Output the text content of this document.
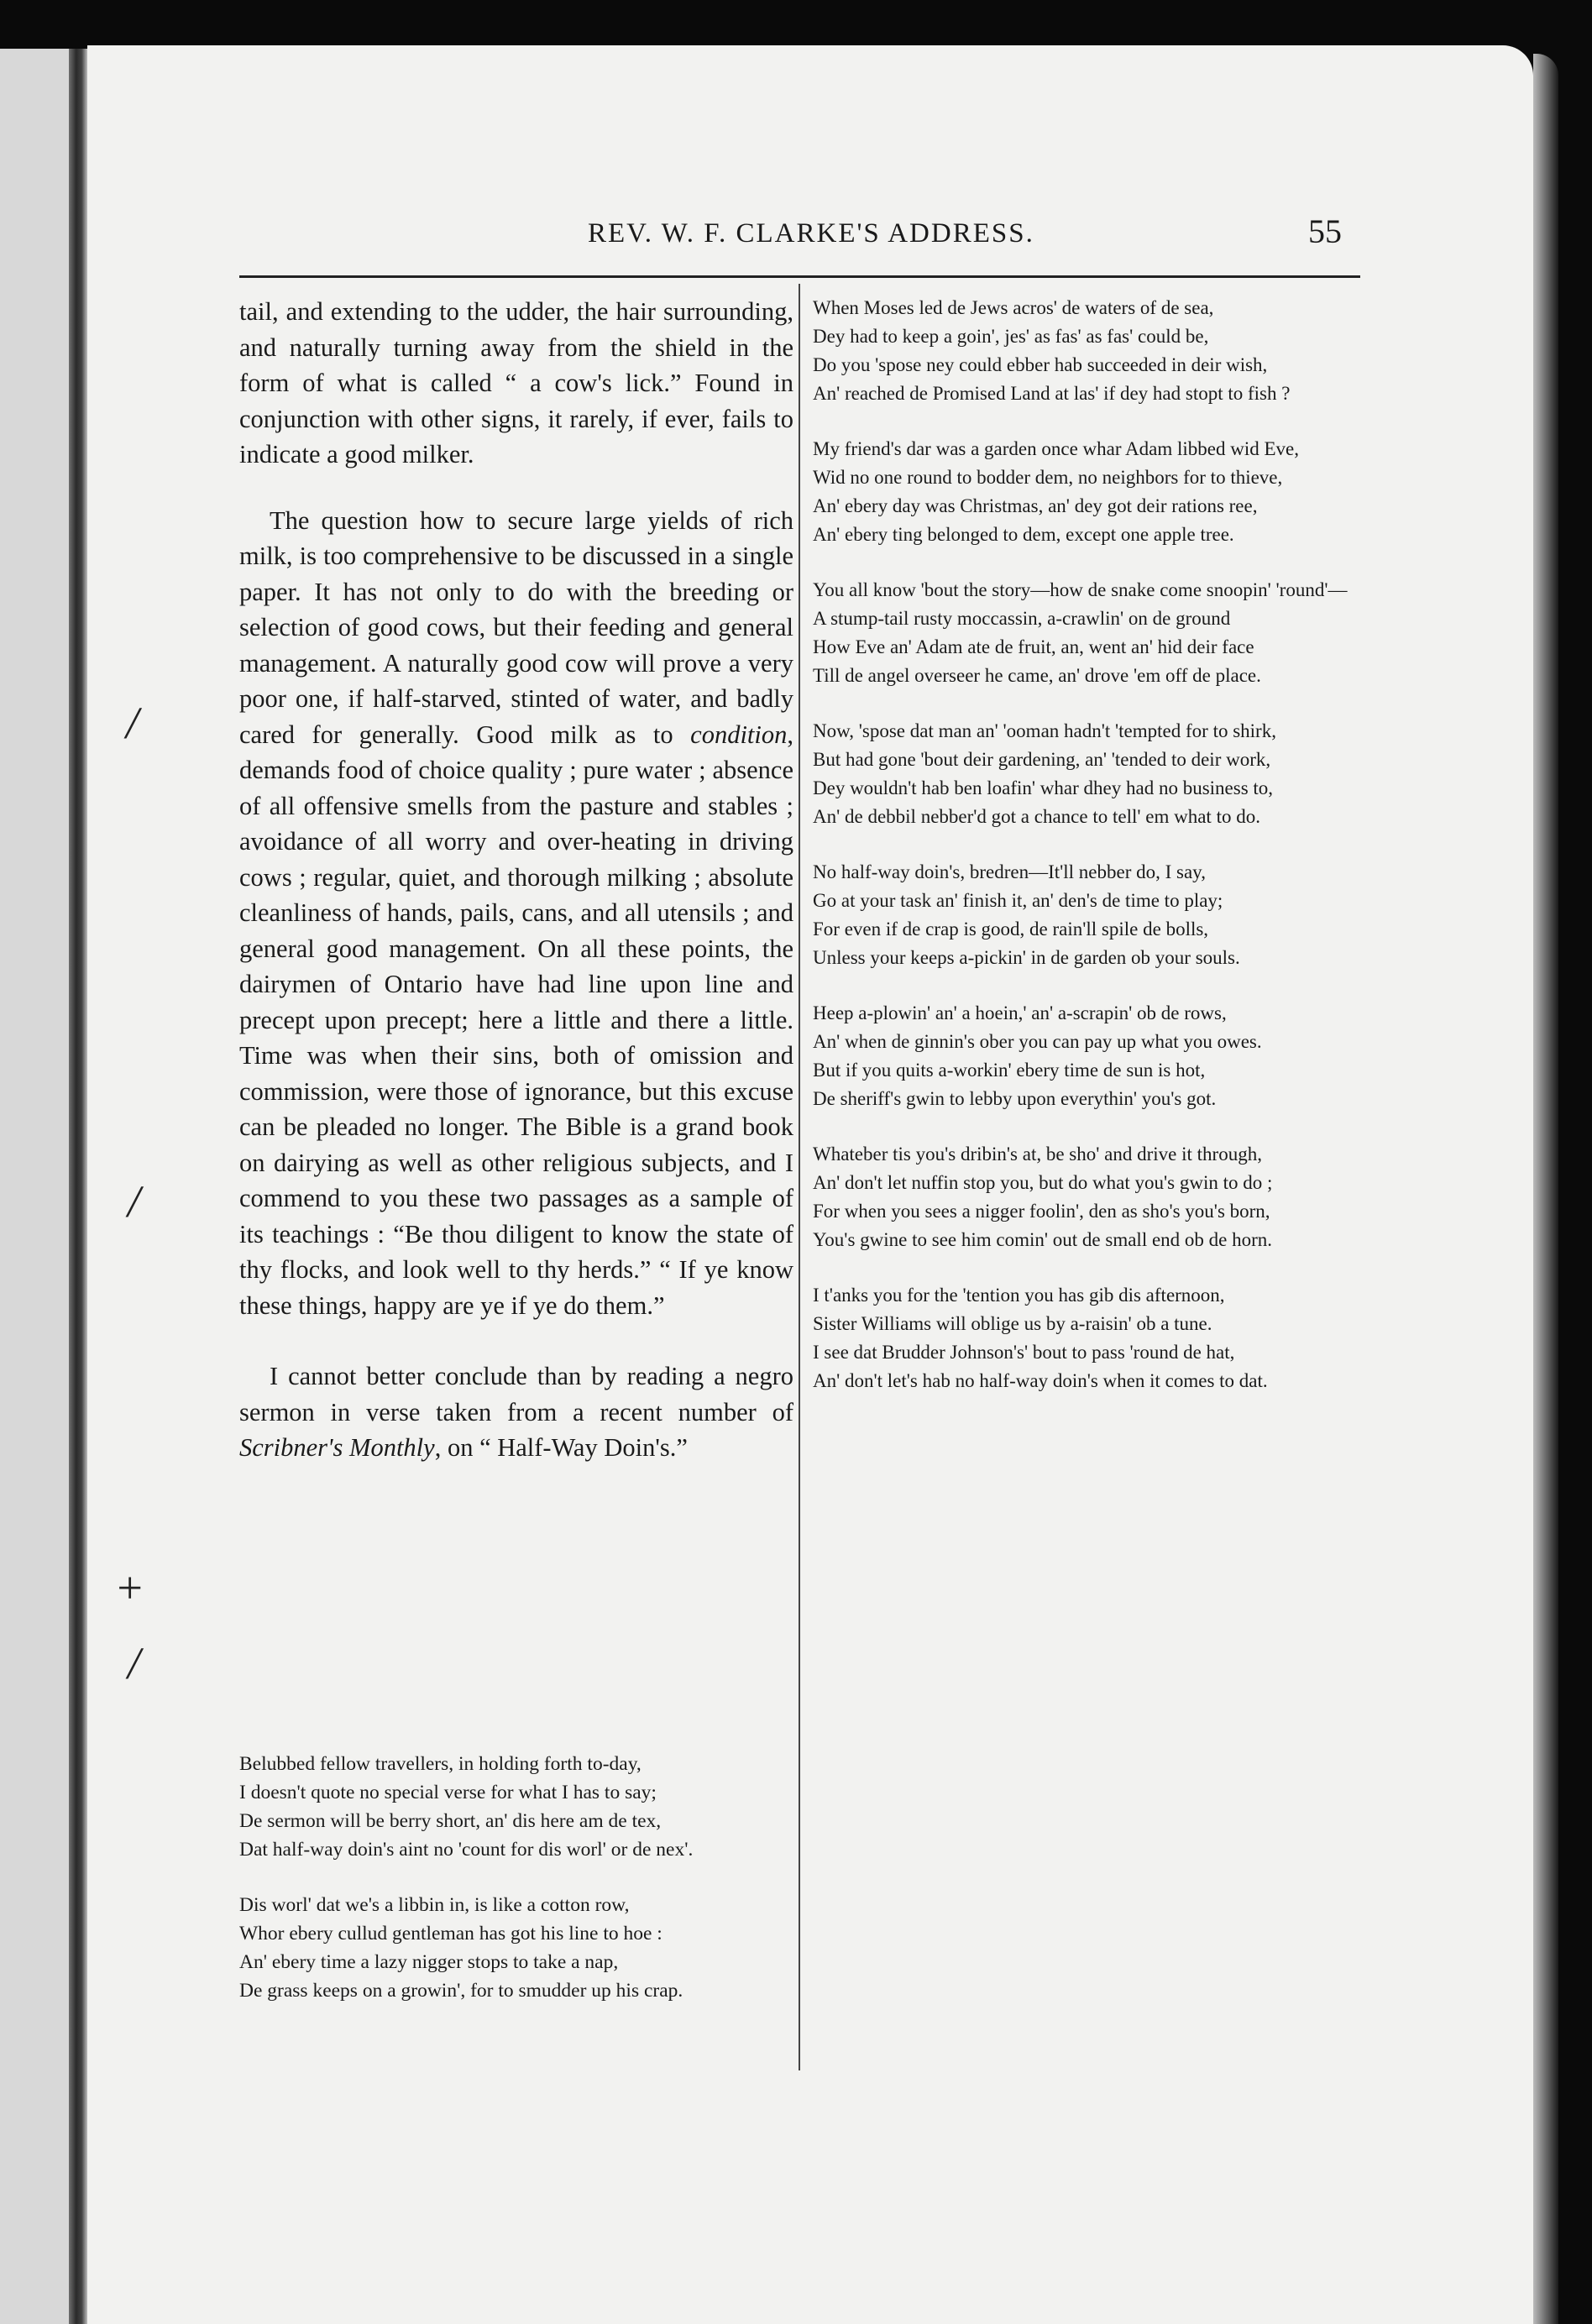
REV. W. F. CLARKE'S ADDRESS.	55
/
/
+
/

tail, and extending to the udder, the hair surrounding, and naturally turning away from the shield in the form of what is called “ a cow's lick.” Found in conjunction with other signs, it rarely, if ever, fails to indicate a good milker.

The question how to secure large yields of rich milk, is too comprehensive to be discussed in a single paper. It has not only to do with the breeding or selection of good cows, but their feeding and general management. A naturally good cow will prove a very poor one, if half-starved, stinted of water, and badly cared for generally. Good milk as to condition, demands food of choice quality ; pure water ; absence of all offensive smells from the pasture and stables ; avoidance of all worry and over-heating in driving cows ; regular, quiet, and thorough milking ; absolute cleanliness of hands, pails, cans, and all utensils ; and general good management. On all these points, the dairymen of Ontario have had line upon line and precept upon precept; here a little and there a little. Time was when their sins, both of omission and commission, were those of ignorance, but this excuse can be pleaded no longer. The Bible is a grand book on dairying as well as other religious subjects, and I commend to you these two passages as a sample of its teachings : “Be thou diligent to know the state of thy flocks, and look well to thy herds.” “ If ye know these things, happy are ye if ye do them.”

I cannot better conclude than by reading a negro sermon in verse taken from a recent number of Scribner's Monthly, on “ Half-Way Doin's.”

Belubbed fellow travellers, in holding forth to-day,
I doesn't quote no special verse for what I has to say;
De sermon will be berry short, an' dis here am de tex,
Dat half-way doin's aint no 'count for dis worl' or de nex'.
Dis worl' dat we's a libbin in, is like a cotton row,
Whor ebery cullud gentleman has got his line to hoe :
An' ebery time a lazy nigger stops to take a nap,
De grass keeps on a growin', for to smudder up his crap.
When Moses led de Jews acros' de waters of de sea,
Dey had to keep a goin', jes' as fas' as fas' could be,
Do you 'spose ney could ebber hab succeeded in deir wish,
An' reached de Promised Land at las' if dey had stopt to fish ?
My friend's dar was a garden once whar Adam libbed wid Eve,
Wid no one round to bodder dem, no neighbors for to thieve,
An' ebery day was Christmas, an' dey got deir rations ree,
An' ebery ting belonged to dem, except one apple tree.
You all know 'bout the story—how de snake come snoopin' 'round'—
A stump-tail rusty moccassin, a-crawlin' on de ground
How Eve an' Adam ate de fruit, an, went an' hid deir face
Till de angel overseer he came, an' drove 'em off de place.
Now, 'spose dat man an' 'ooman hadn't 'tempted for to shirk,
But had gone 'bout deir gardening, an' 'tended to deir work,
Dey wouldn't hab ben loafin' whar dhey had no business to,
An' de debbil nebber'd got a chance to tell' em what to do.
No half-way doin's, bredren—It'll nebber do, I say,
Go at your task an' finish it, an' den's de time to play;
For even if de crap is good, de rain'll spile de bolls,
Unless your keeps a-pickin' in de garden ob your souls.
Heep a-plowin' an' a hoein,' an' a-scrapin' ob de rows,
An' when de ginnin's ober you can pay up what you owes.
But if you quits a-workin' ebery time de sun is hot,
De sheriff's gwin to lebby upon everythin' you's got.
Whateber tis you's dribin's at, be sho' and drive it through,
An' don't let nuffin stop you, but do what you's gwin to do ;
For when you sees a nigger foolin', den as sho's you's born,
You's gwine to see him comin' out de small end ob de horn.
I t'anks you for the 'tention you has gib dis afternoon,
Sister Williams will oblige us by a-raisin' ob a tune.
I see dat Brudder Johnson's' bout to pass 'round de hat,
An' don't let's hab no half-way doin's when it comes to dat.
